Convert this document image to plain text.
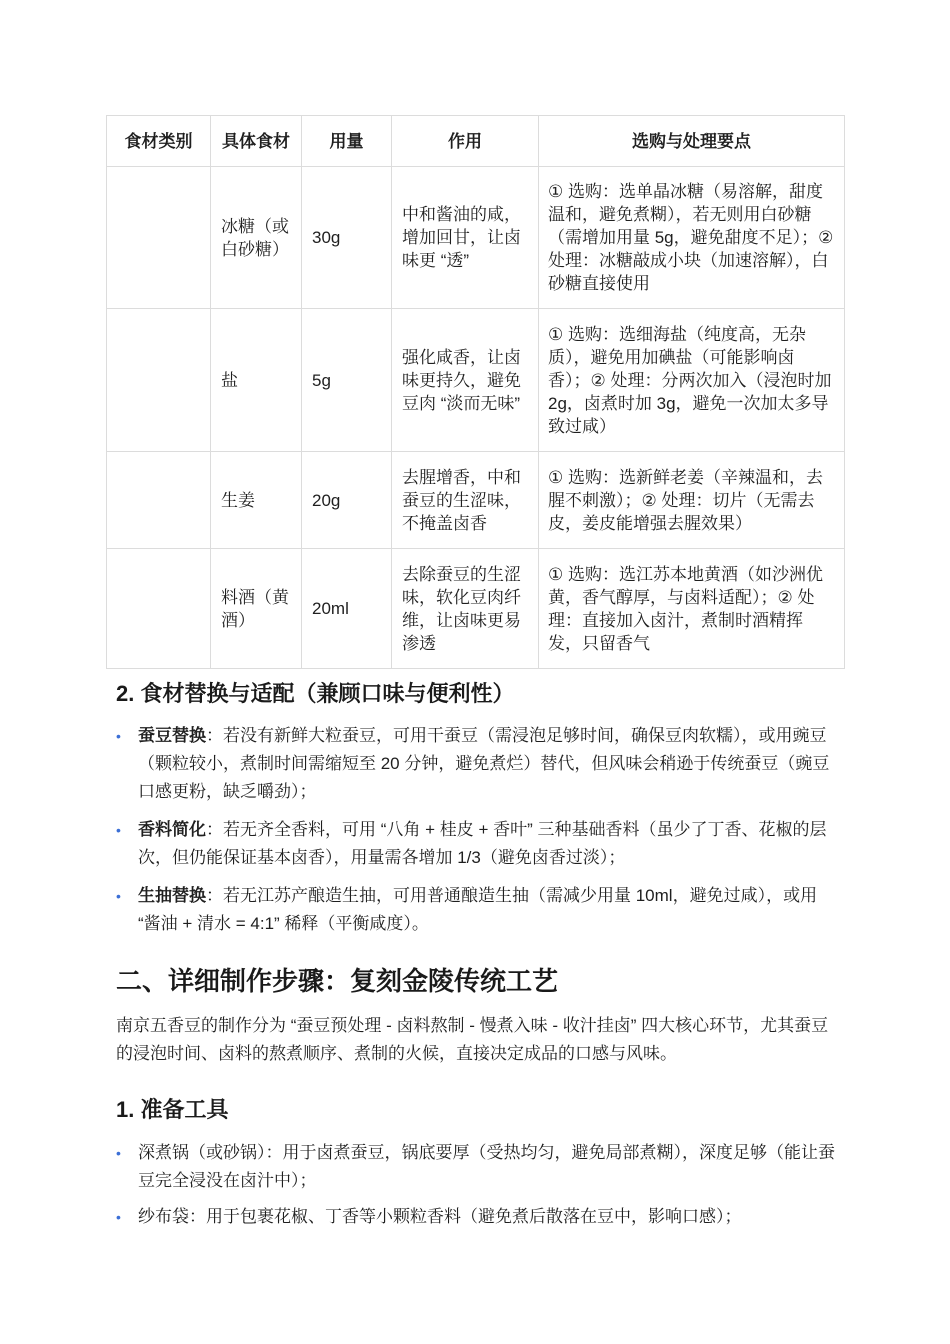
食材类别	具体食材	用量	作用	选购与处理要点
	冰糖（或白砂糖）	30g	中和酱油的咸，增加回甘，让卤味更 “透”	① 选购：选单晶冰糖（易溶解，甜度温和，避免煮糊），若无则用白砂糖（需增加用量 5g，避免甜度不足）；② 处理：冰糖敲成小块（加速溶解），白砂糖直接使用
	盐	5g	强化咸香，让卤味更持久，避免豆肉 “淡而无味”	① 选购：选细海盐（纯度高，无杂质），避免用加碘盐（可能影响卤香）；② 处理：分两次加入（浸泡时加 2g，卤煮时加 3g，避免一次加太多导致过咸）
	生姜	20g	去腥增香，中和蚕豆的生涩味，不掩盖卤香	① 选购：选新鲜老姜（辛辣温和，去腥不刺激）；② 处理：切片（无需去皮，姜皮能增强去腥效果）
	料酒（黄酒）	20ml	去除蚕豆的生涩味，软化豆肉纤维，让卤味更易渗透	① 选购：选江苏本地黄酒（如沙洲优黄，香气醇厚，与卤料适配）；② 处理：直接加入卤汁，煮制时酒精挥发，只留香气
2. 食材替换与适配（兼顾口味与便利性）
• 蚕豆替换：若没有新鲜大粒蚕豆，可用干蚕豆（需浸泡足够时间，确保豆肉软糯），或用豌豆（颗粒较小，煮制时间需缩短至 20 分钟，避免煮烂）替代，但风味会稍逊于传统蚕豆（豌豆口感更粉，缺乏嚼劲）；
• 香料简化：若无齐全香料，可用 “八角 + 桂皮 + 香叶” 三种基础香料（虽少了丁香、花椒的层次，但仍能保证基本卤香），用量需各增加 1/3（避免卤香过淡）；
• 生抽替换：若无江苏产酿造生抽，可用普通酿造生抽（需减少用量 10ml，避免过咸），或用 “酱油 + 清水 = 4:1” 稀释（平衡咸度）。
二、详细制作步骤：复刻金陵传统工艺

南京五香豆的制作分为 “蚕豆预处理 - 卤料熬制 - 慢煮入味 - 收汁挂卤” 四大核心环节，尤其蚕豆的浸泡时间、卤料的熬煮顺序、煮制的火候，直接决定成品的口感与风味。

1. 准备工具
• 深煮锅（或砂锅）：用于卤煮蚕豆，锅底要厚（受热均匀，避免局部煮糊），深度足够（能让蚕豆完全浸没在卤汁中）；
• 纱布袋：用于包裹花椒、丁香等小颗粒香料（避免煮后散落在豆中，影响口感）；
